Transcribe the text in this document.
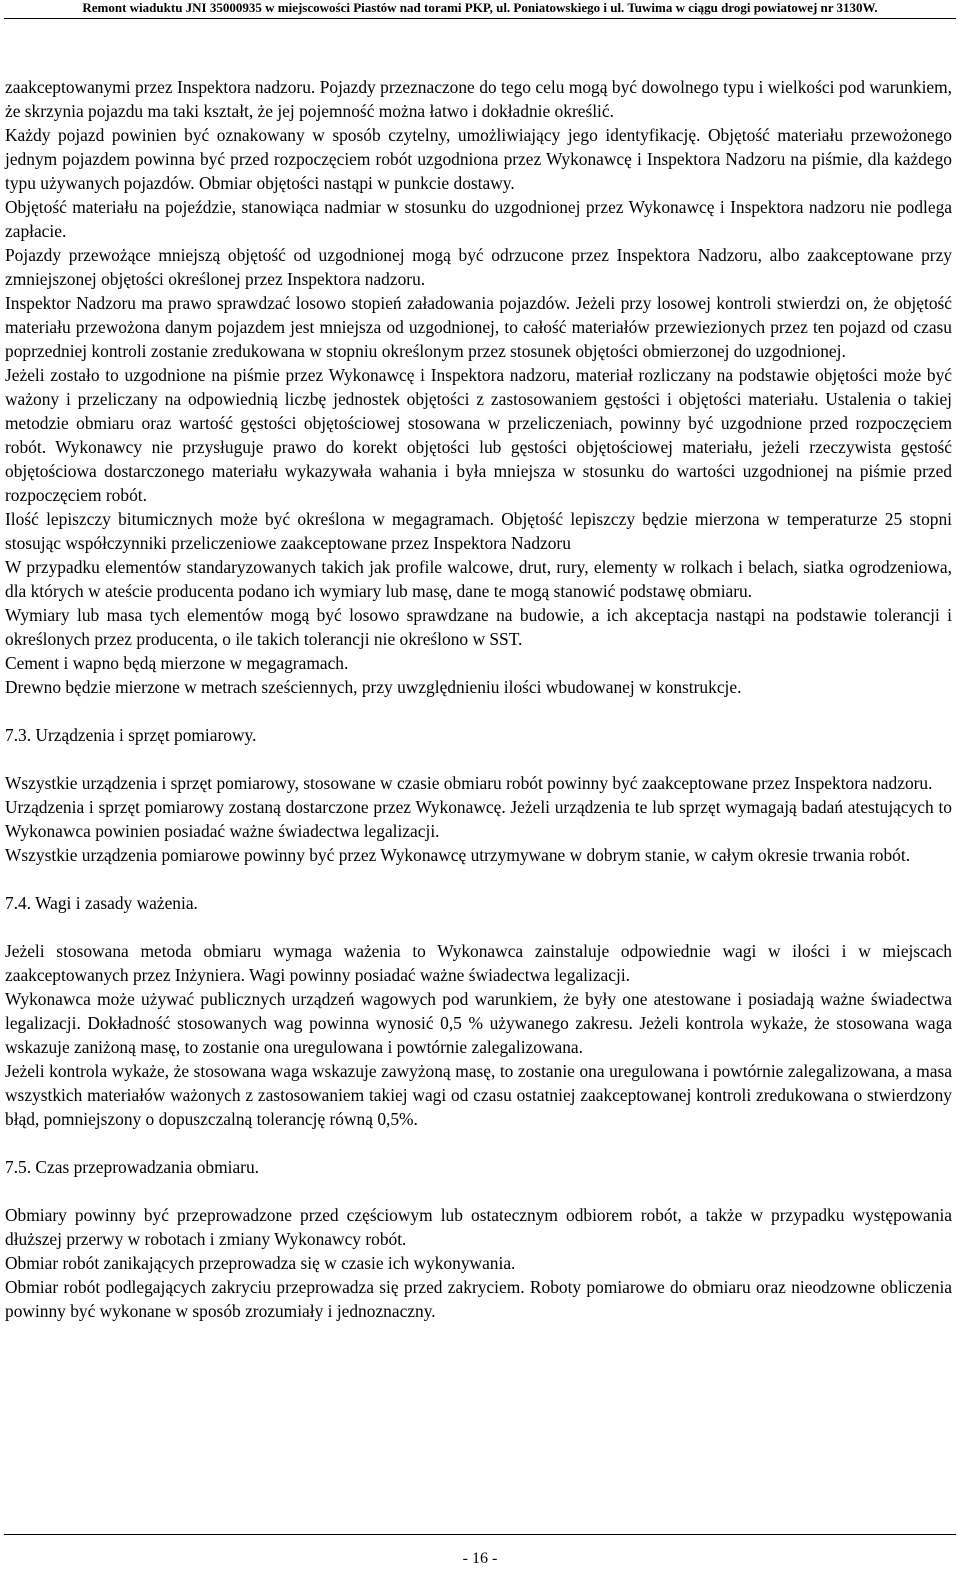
Remont wiaduktu JNI 35000935 w miejscowości Piastów nad torami PKP, ul. Poniatowskiego i ul. Tuwima w ciągu drogi powiatowej nr 3130W.

zaakceptowanymi przez Inspektora nadzoru. Pojazdy przeznaczone do tego celu mogą być dowolnego typu i wielkości pod warunkiem, że skrzynia pojazdu ma taki kształt, że jej pojemność można łatwo i dokładnie określić.

Każdy pojazd powinien być oznakowany w sposób czytelny, umożliwiający jego identyfikację. Objętość materiału przewożonego jednym pojazdem powinna być przed rozpoczęciem robót uzgodniona przez Wykonawcę i Inspektora Nadzoru na piśmie, dla każdego typu używanych pojazdów. Obmiar objętości nastąpi w punkcie dostawy.

Objętość materiału na pojeździe, stanowiąca nadmiar w stosunku do uzgodnionej przez Wykonawcę i Inspektora nadzoru nie podlega zapłacie.

Pojazdy przewożące mniejszą objętość od uzgodnionej mogą być odrzucone przez Inspektora Nadzoru, albo zaakceptowane przy zmniejszonej objętości określonej przez Inspektora nadzoru.

Inspektor Nadzoru ma prawo sprawdzać losowo stopień załadowania pojazdów. Jeżeli przy losowej kontroli stwierdzi on, że objętość materiału przewożona danym pojazdem jest mniejsza od uzgodnionej, to całość materiałów przewiezionych przez ten pojazd od czasu poprzedniej kontroli zostanie zredukowana w stopniu określonym przez stosunek objętości obmierzonej do uzgodnionej.

Jeżeli zostało to uzgodnione na piśmie przez Wykonawcę i Inspektora nadzoru, materiał rozliczany na podstawie objętości może być ważony i przeliczany na odpowiednią liczbę jednostek objętości z zastosowaniem gęstości i objętości materiału. Ustalenia o takiej metodzie obmiaru oraz wartość gęstości objętościowej stosowana w przeliczeniach, powinny być uzgodnione przed rozpoczęciem robót. Wykonawcy nie przysługuje prawo do korekt objętości lub gęstości objętościowej materiału, jeżeli rzeczywista gęstość objętościowa dostarczonego materiału wykazywała wahania i była mniejsza w stosunku do wartości uzgodnionej na piśmie przed rozpoczęciem robót.

Ilość lepiszczy bitumicznych może być określona w megagramach. Objętość lepiszczy będzie mierzona w temperaturze 25 stopni stosując współczynniki przeliczeniowe zaakceptowane przez Inspektora Nadzoru

W przypadku elementów standaryzowanych takich jak profile walcowe, drut, rury, elementy w rolkach i belach, siatka ogrodzeniowa, dla których w ateście producenta podano ich wymiary lub masę, dane te mogą stanowić podstawę obmiaru.

Wymiary lub masa tych elementów mogą być losowo sprawdzane na budowie, a ich akceptacja nastąpi na podstawie tolerancji i określonych przez producenta, o ile takich tolerancji nie określono w SST.

Cement i wapno będą mierzone w megagramach.

Drewno będzie mierzone w metrach sześciennych, przy uwzględnieniu ilości wbudowanej w konstrukcje.

7.3. Urządzenia i sprzęt pomiarowy.

Wszystkie urządzenia i sprzęt pomiarowy, stosowane w czasie obmiaru robót powinny być zaakceptowane przez Inspektora nadzoru.

Urządzenia i sprzęt pomiarowy zostaną dostarczone przez Wykonawcę. Jeżeli urządzenia te lub sprzęt wymagają badań atestujących to Wykonawca powinien posiadać ważne świadectwa legalizacji.

Wszystkie urządzenia pomiarowe powinny być przez Wykonawcę utrzymywane w dobrym stanie, w całym okresie trwania robót.

7.4. Wagi i zasady ważenia.

Jeżeli stosowana metoda obmiaru wymaga ważenia to Wykonawca zainstaluje odpowiednie wagi w ilości i w miejscach zaakceptowanych przez Inżyniera. Wagi powinny posiadać ważne świadectwa legalizacji.

Wykonawca może używać publicznych urządzeń wagowych pod warunkiem, że były one atestowane i posiadają ważne świadectwa legalizacji. Dokładność stosowanych wag powinna wynosić 0,5 % używanego zakresu. Jeżeli kontrola wykaże, że stosowana waga wskazuje zaniżoną masę, to zostanie ona uregulowana i powtórnie zalegalizowana.

Jeżeli kontrola wykaże, że stosowana waga wskazuje zawyżoną masę, to zostanie ona uregulowana i powtórnie zalegalizowana, a masa wszystkich materiałów ważonych z zastosowaniem takiej wagi od czasu ostatniej zaakceptowanej kontroli zredukowana o stwierdzony błąd, pomniejszony o dopuszczalną tolerancję równą 0,5%.

7.5. Czas przeprowadzania obmiaru.

Obmiary powinny być przeprowadzone przed częściowym lub ostatecznym odbiorem robót, a także w przypadku występowania dłuższej przerwy w robotach i zmiany Wykonawcy robót.

Obmiar robót zanikających przeprowadza się w czasie ich wykonywania.

Obmiar robót podlegających zakryciu przeprowadza się przed zakryciem. Roboty pomiarowe do obmiaru oraz nieodzowne obliczenia powinny być wykonane w sposób zrozumiały i jednoznaczny.

- 16 -
